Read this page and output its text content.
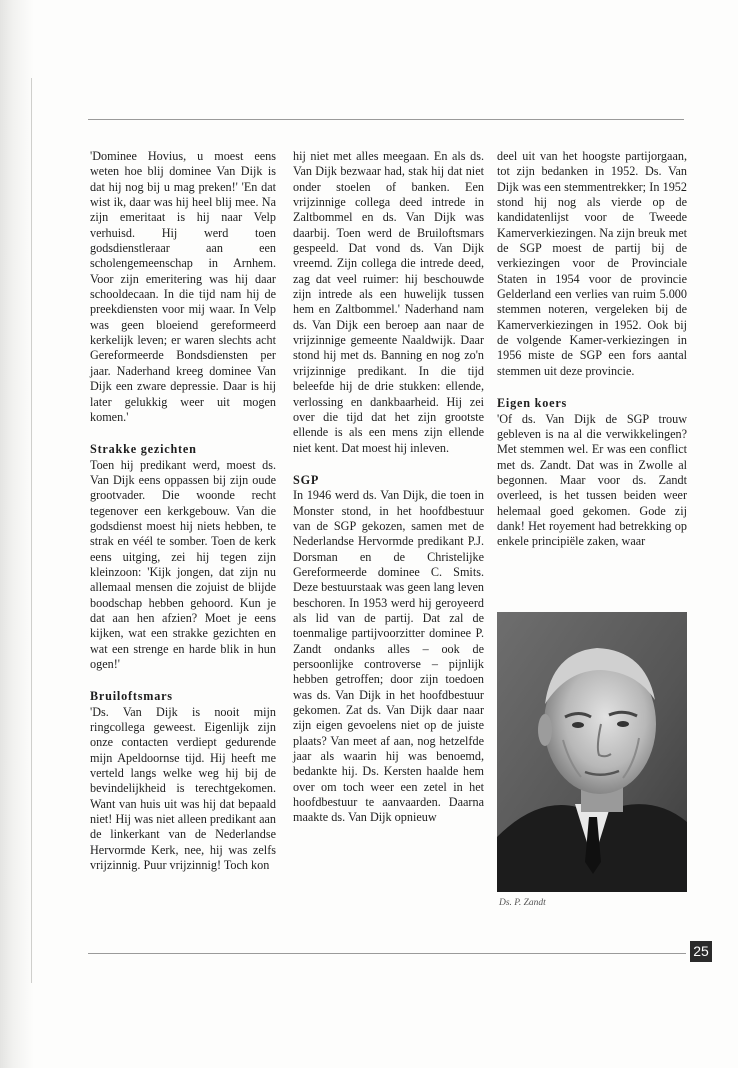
'Dominee Hovius, u moest eens weten hoe blij dominee Van Dijk is dat hij nog bij u mag preken!' 'En dat wist ik, daar was hij heel blij mee. Na zijn emeritaat is hij naar Velp verhuisd. Hij werd toen godsdienstleraar aan een scholengemeenschap in Arnhem. Voor zijn emeritering was hij daar schooldecaan. In die tijd nam hij de preekdiensten voor mij waar. In Velp was geen bloeiend gereformeerd kerkelijk leven; er waren slechts acht Gereformeerde Bondsdiensten per jaar. Naderhand kreeg dominee Van Dijk een zware depressie. Daar is hij later gelukkig weer uit mogen komen.'

Strakke gezichten

Toen hij predikant werd, moest ds. Van Dijk eens oppassen bij zijn oude grootvader. Die woonde recht tegenover een kerkgebouw. Van die godsdienst moest hij niets hebben, te strak en véél te somber. Toen de kerk eens uitging, zei hij tegen zijn kleinzoon: 'Kijk jongen, dat zijn nu allemaal mensen die zojuist de blijde boodschap hebben gehoord. Kun je dat aan hen afzien? Moet je eens kijken, wat een strakke gezichten en wat een strenge en harde blik in hun ogen!'

Bruiloftsmars

'Ds. Van Dijk is nooit mijn ringcollega geweest. Eigenlijk zijn onze contacten verdiept gedurende mijn Apeldoornse tijd. Hij heeft me verteld langs welke weg hij bij de bevindelijkheid is terechtgekomen. Want van huis uit was hij dat bepaald niet! Hij was niet alleen predikant aan de linkerkant van de Nederlandse Hervormde Kerk, nee, hij was zelfs vrijzinnig. Puur vrijzinnig! Toch kon

hij niet met alles meegaan. En als ds. Van Dijk bezwaar had, stak hij dat niet onder stoelen of banken. Een vrijzinnige collega deed intrede in Zaltbommel en ds. Van Dijk was daarbij. Toen werd de Bruiloftsmars gespeeld. Dat vond ds. Van Dijk vreemd. Zijn collega die intrede deed, zag dat veel ruimer: hij beschouwde zijn intrede als een huwelijk tussen hem en Zaltbommel.' Naderhand nam ds. Van Dijk een beroep aan naar de vrijzinnige gemeente Naaldwijk. Daar stond hij met ds. Banning en nog zo'n vrijzinnige predikant. In die tijd beleefde hij de drie stukken: ellende, verlossing en dankbaarheid. Hij zei over die tijd dat het zijn grootste ellende is als een mens zijn ellende niet kent. Dat moest hij inleven.

SGP

In 1946 werd ds. Van Dijk, die toen in Monster stond, in het hoofdbestuur van de SGP gekozen, samen met de Nederlandse Hervormde predikant P.J. Dorsman en de Christelijke Gereformeerde dominee C. Smits. Deze bestuurstaak was geen lang leven beschoren. In 1953 werd hij geroyeerd als lid van de partij. Dat zal de toenmalige partijvoorzitter dominee P. Zandt ondanks alles – ook de persoonlijke controverse – pijnlijk hebben getroffen; door zijn toedoen was ds. Van Dijk in het hoofdbestuur gekomen. Zat ds. Van Dijk daar naar zijn eigen gevoelens niet op de juiste plaats? Van meet af aan, nog hetzelfde jaar als waarin hij was benoemd, bedankte hij. Ds. Kersten haalde hem over om toch weer een zetel in het hoofdbestuur te aanvaarden. Daarna maakte ds. Van Dijk opnieuw

deel uit van het hoogste partijorgaan, tot zijn bedanken in 1952. Ds. Van Dijk was een stemmentrekker; In 1952 stond hij nog als vierde op de kandidatenlijst voor de Tweede Kamerverkiezingen. Na zijn breuk met de SGP moest de partij bij de verkiezingen voor de Provinciale Staten in 1954 voor de provincie Gelderland een verlies van ruim 5.000 stemmen noteren, vergeleken bij de Kamerverkiezingen in 1952. Ook bij de volgende Kamer-verkiezingen in 1956 miste de SGP een fors aantal stemmen uit deze provincie.

Eigen koers

'Of ds. Van Dijk de SGP trouw gebleven is na al die verwikkelingen? Met stemmen wel. Er was een conflict met ds. Zandt. Dat was in Zwolle al begonnen. Maar voor ds. Zandt overleed, is het tussen beiden weer helemaal goed gekomen. Gode zij dank! Het royement had betrekking op enkele principiële zaken, waar

Ds. P. Zandt
25
